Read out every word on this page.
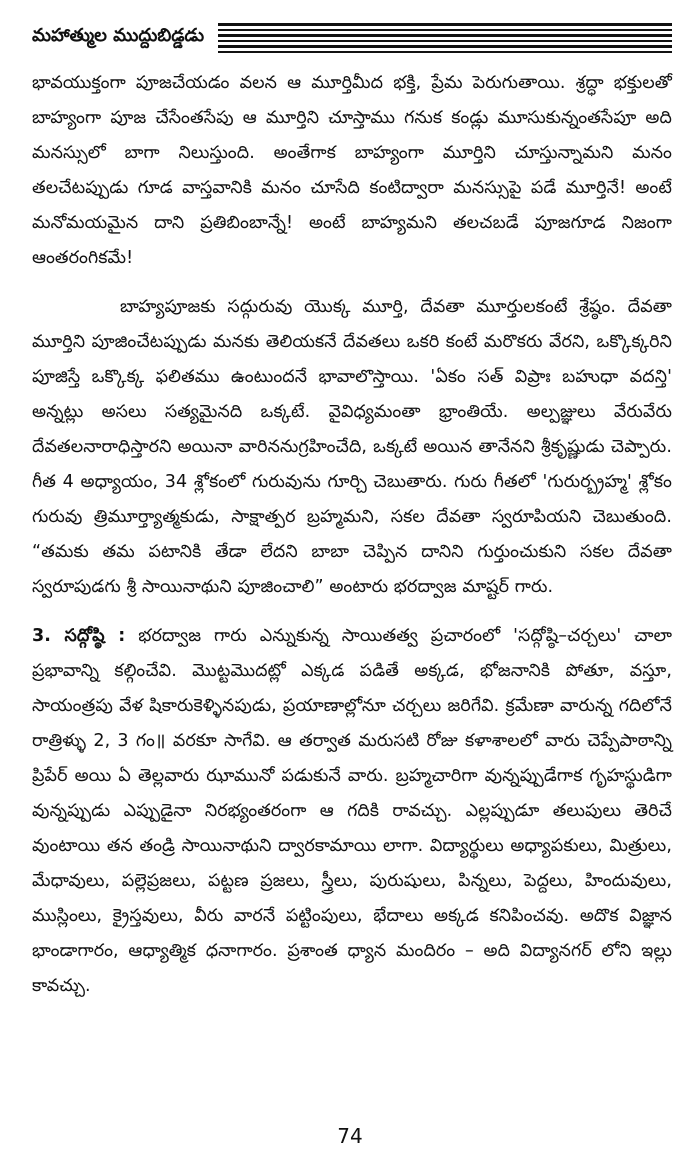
మహాత్ముల ముద్దుబిడ్డడు

భావయుక్తంగా పూజచేయడం వలన ఆ మూర్తిమీద భక్తి, ప్రేమ పెరుగుతాయి. శ్రద్ధా భక్తులతో బాహ్యంగా పూజ చేసేంతసేపు ఆ మూర్తిని చూస్తాము గనుక కండ్లు మూసుకున్నంతసేపూ అది మనస్సులో బాగా నిలుస్తుంది. అంతేగాక బాహ్యంగా మూర్తిని చూస్తున్నామని మనం తలచేటప్పుడు గూడ వాస్తవానికి మనం చూసేది కంటిద్వారా మనస్సుపై పడే మూర్తినే! అంటే మనోమయమైన దాని ప్రతిబింబాన్నే! అంటే బాహ్యమని తలచబడే పూజగూడ నిజంగా ఆంతరంగికమే!

బాహ్యపూజకు సద్గురువు యొక్క మూర్తి, దేవతా మూర్తులకంటే శ్రేష్ఠం. దేవతా మూర్తిని పూజించేటప్పుడు మనకు తెలియకనే దేవతలు ఒకరి కంటే మరొకరు వేరని, ఒక్కొక్కరిని పూజిస్తే ఒక్కొక్క ఫలితము ఉంటుందనే భావాలొస్తాయి. 'ఏకం సత్ విప్రాః బహుధా వదన్తి' అన్నట్లు అసలు సత్యమైనది ఒక్కటే. వైవిధ్యమంతా భ్రాంతియే. అల్పజ్ఞులు వేరువేరు దేవతలనారాధిస్తారని అయినా వారిననుగ్రహించేది, ఒక్కటే అయిన తానేనని శ్రీకృష్ణుడు చెప్పారు. గీత 4 అధ్యాయం, 34 శ్లోకంలో గురువును గూర్చి చెబుతారు. గురు గీతలో 'గురుర్బ్రహ్మ' శ్లోకం గురువు త్రిమూర్త్యాత్మకుడు, సాక్షాత్పర బ్రహ్మమని, సకల దేవతా స్వరూపియని చెబుతుంది. “తమకు తమ పటానికి తేడా లేదని బాబా చెప్పిన దానిని గుర్తుంచుకుని సకల దేవతా స్వరూపుడగు శ్రీ సాయినాథుని పూజించాలి” అంటారు భరద్వాజ మాష్టర్ గారు.

3. సద్గోష్ఠి : భరద్వాజ గారు ఎన్నుకున్న సాయితత్వ ప్రచారంలో 'సద్గోష్ఠి–చర్చలు' చాలా ప్రభావాన్ని కల్గించేవి. మొట్టమొదట్లో ఎక్కడ పడితే అక్కడ, భోజనానికి పోతూ, వస్తూ, సాయంత్రపు వేళ షికారుకెళ్ళినపుడు, ప్రయాణాల్లోనూ చర్చలు జరిగేవి. క్రమేణా వారున్న గదిలోనే రాత్రిళ్ళు 2, 3 గం॥ వరకూ సాగేవి. ఆ తర్వాత మరుసటి రోజు కళాశాలలో వారు చెప్పేపాఠాన్ని ప్రిపేర్ అయి ఏ తెల్లవారు ఝామునో పడుకునే వారు. బ్రహ్మచారిగా వున్నప్పుడేగాక గృహస్థుడిగా వున్నప్పుడు ఎప్పుడైనా నిరభ్యంతరంగా ఆ గదికి రావచ్చు. ఎల్లప్పుడూ తలుపులు తెరిచే వుంటాయి తన తండ్రి సాయినాథుని ద్వారకామాయి లాగా. విద్యార్థులు అధ్యాపకులు, మిత్రులు, మేధావులు, పల్లెప్రజలు, పట్టణ ప్రజలు, స్త్రీలు, పురుషులు, పిన్నలు, పెద్దలు, హిందువులు, ముస్లింలు, క్రైస్తవులు, వీరు వారనే పట్టింపులు, భేదాలు అక్కడ కనిపించవు. అదొక విజ్ఞాన భాండాగారం, ఆధ్యాత్మిక ధనాగారం. ప్రశాంత ధ్యాన మందిరం – అది విద్యానగర్ లోని ఇల్లు కావచ్చు.

74
